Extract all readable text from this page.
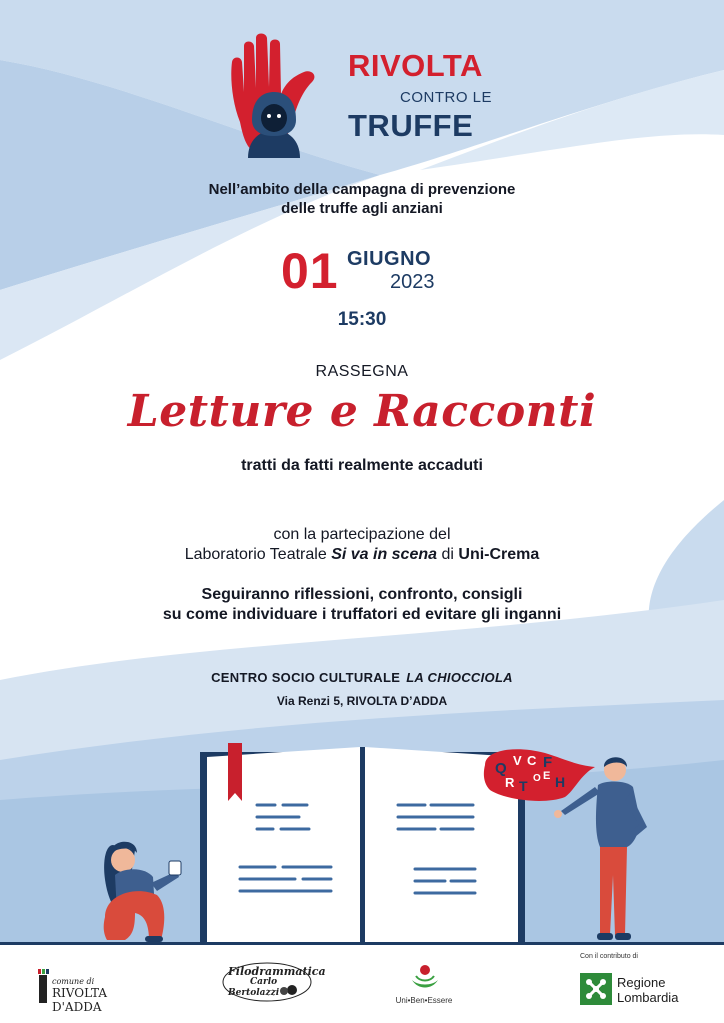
RIVOLTA
CONTRO LE
TRUFFE
Nell’ambito della campagna di prevenzione
delle truffe agli anziani
01 GIUGNO
2023
15:30
RASSEGNA
Letture e Racconti
tratti da fatti realmente accaduti
con la partecipazione del
Laboratorio Teatrale Si va in scena di Uni-Crema
Seguiranno riflessioni, confronto, consigli
su come individuare i truffatori ed evitare gli inganni
CENTRO SOCIO CULTURALE LA CHIOCCIOLA
Via Renzi 5, RIVOLTA D’ADDA
Q V C F
R T O E H
comune di
RIVOLTA D'ADDA
Filodrammatica
Carlo
Bertolazzi
Uni•Ben•Essere
Con il contributo di
Regione
Lombardia
